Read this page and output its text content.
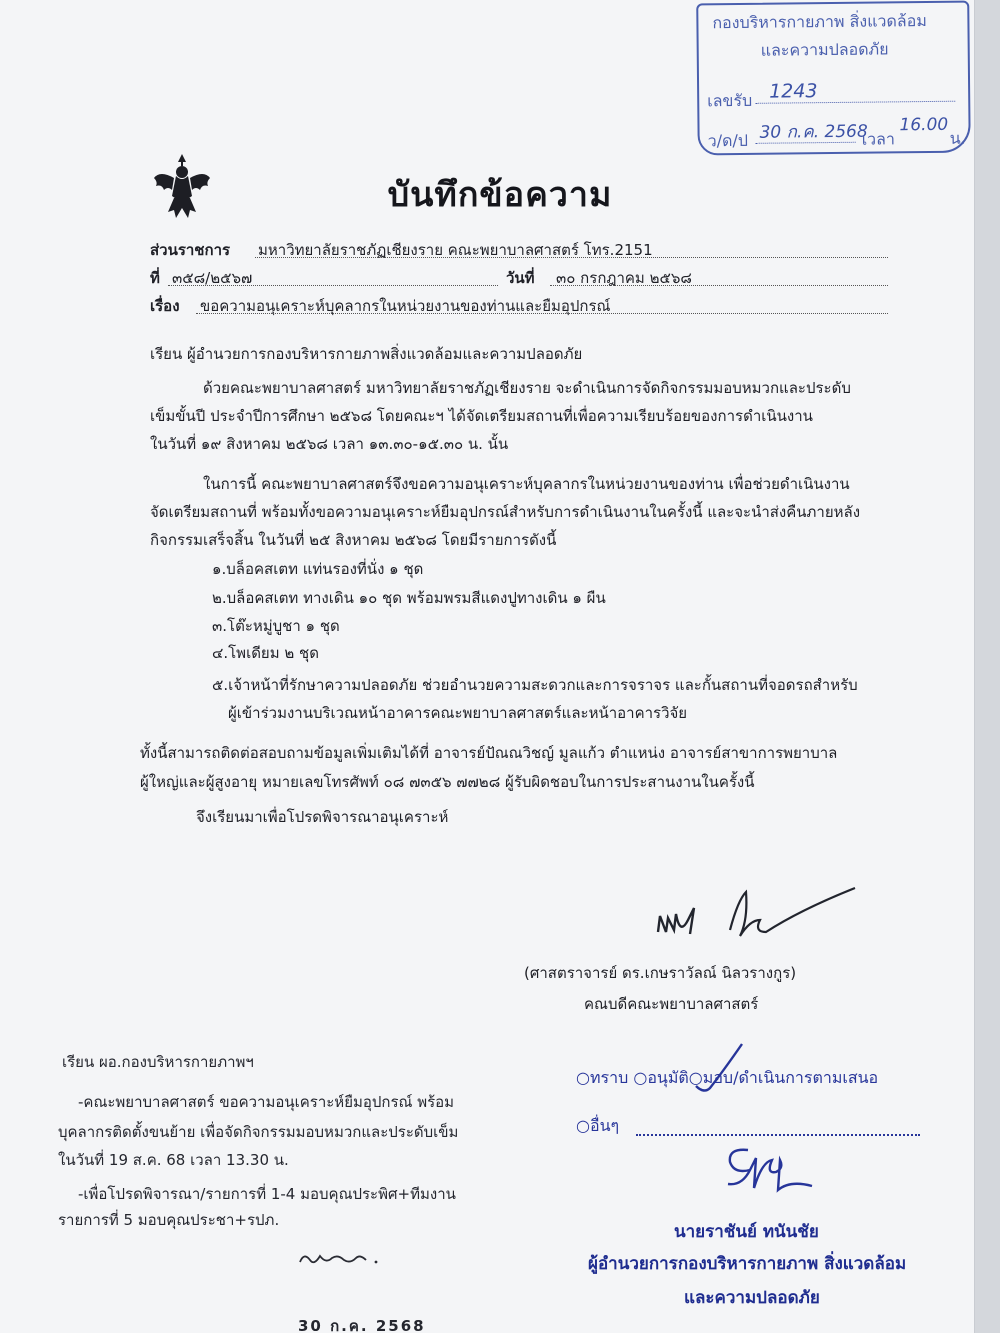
กองบริหารกายภาพ สิ่งแวดล้อม
และความปลอดภัย
เลขรับ 1243
ว/ด/ป 30 ก.ค. 2568
เวลา
16.00
น.
บันทึกข้อความ
ส่วนราชการ มหาวิทยาลัยราชภัฏเชียงราย คณะพยาบาลศาสตร์ โทร.2151
ที่ ๓๕๘/๒๕๖๗	วันที่ ๓๐ กรกฎาคม ๒๕๖๘
เรื่อง ขอความอนุเคราะห์บุคลากรในหน่วยงานของท่านและยืมอุปกรณ์
เรียน ผู้อำนวยการกองบริหารกายภาพสิ่งแวดล้อมและความปลอดภัย
ด้วยคณะพยาบาลศาสตร์ มหาวิทยาลัยราชภัฏเชียงราย จะดำเนินการจัดกิจกรรมมอบหมวกและประดับ
เข็มขั้นปี ประจำปีการศึกษา ๒๕๖๘ โดยคณะฯ ได้จัดเตรียมสถานที่เพื่อความเรียบร้อยของการดำเนินงาน
ในวันที่ ๑๙ สิงหาคม ๒๕๖๘ เวลา ๑๓.๓๐-๑๕.๓๐ น. นั้น
ในการนี้ คณะพยาบาลศาสตร์จึงขอความอนุเคราะห์บุคลากรในหน่วยงานของท่าน เพื่อช่วยดำเนินงาน
จัดเตรียมสถานที่ พร้อมทั้งขอความอนุเคราะห์ยืมอุปกรณ์สำหรับการดำเนินงานในครั้งนี้ และจะนำส่งคืนภายหลัง
กิจกรรมเสร็จสิ้น ในวันที่ ๒๕ สิงหาคม ๒๕๖๘ โดยมีรายการดังนี้
๑.บล็อคสเตท แท่นรองที่นั่ง ๑ ชุด
๒.บล็อคสเตท ทางเดิน ๑๐ ชุด พร้อมพรมสีแดงปูทางเดิน ๑ ผืน
๓.โต๊ะหมู่บูชา ๑ ชุด
๔.โพเดียม ๒ ชุด
๕.เจ้าหน้าที่รักษาความปลอดภัย ช่วยอำนวยความสะดวกและการจราจร และกั้นสถานที่จอดรถสำหรับ
ผู้เข้าร่วมงานบริเวณหน้าอาคารคณะพยาบาลศาสตร์และหน้าอาคารวิจัย
ทั้งนี้สามารถติดต่อสอบถามข้อมูลเพิ่มเติมได้ที่ อาจารย์ปัณณวิชญ์ มูลแก้ว ตำแหน่ง อาจารย์สาขาการพยาบาล
ผู้ใหญ่และผู้สูงอายุ หมายเลขโทรศัพท์ ๐๘ ๗๓๕๖ ๗๗๒๘ ผู้รับผิดชอบในการประสานงานในครั้งนี้
จึงเรียนมาเพื่อโปรดพิจารณาอนุเคราะห์
(ศาสตราจารย์ ดร.เกษราวัลณ์ นิลวรางกูร)
คณบดีคณะพยาบาลศาสตร์
เรียน ผอ.กองบริหารกายภาพฯ
-คณะพยาบาลศาสตร์ ขอความอนุเคราะห์ยืมอุปกรณ์ พร้อม
บุคลากรติดตั้งขนย้าย เพื่อจัดกิจกรรมมอบหมวกและประดับเข็ม
ในวันที่ 19 ส.ค. 68 เวลา 13.30 น.
-เพื่อโปรดพิจารณา/รายการที่ 1-4 มอบคุณประพิศ+ทีมงาน
รายการที่ 5 มอบคุณประชา+รปภ.
30 ก.ค. 2568
○ทราบ ○อนุมัติ○มอบ/ดำเนินการตามเสนอ
○อื่นๆ
นายราชันย์ ทนันชัย
ผู้อำนวยการกองบริหารกายภาพ สิ่งแวดล้อม
และความปลอดภัย
